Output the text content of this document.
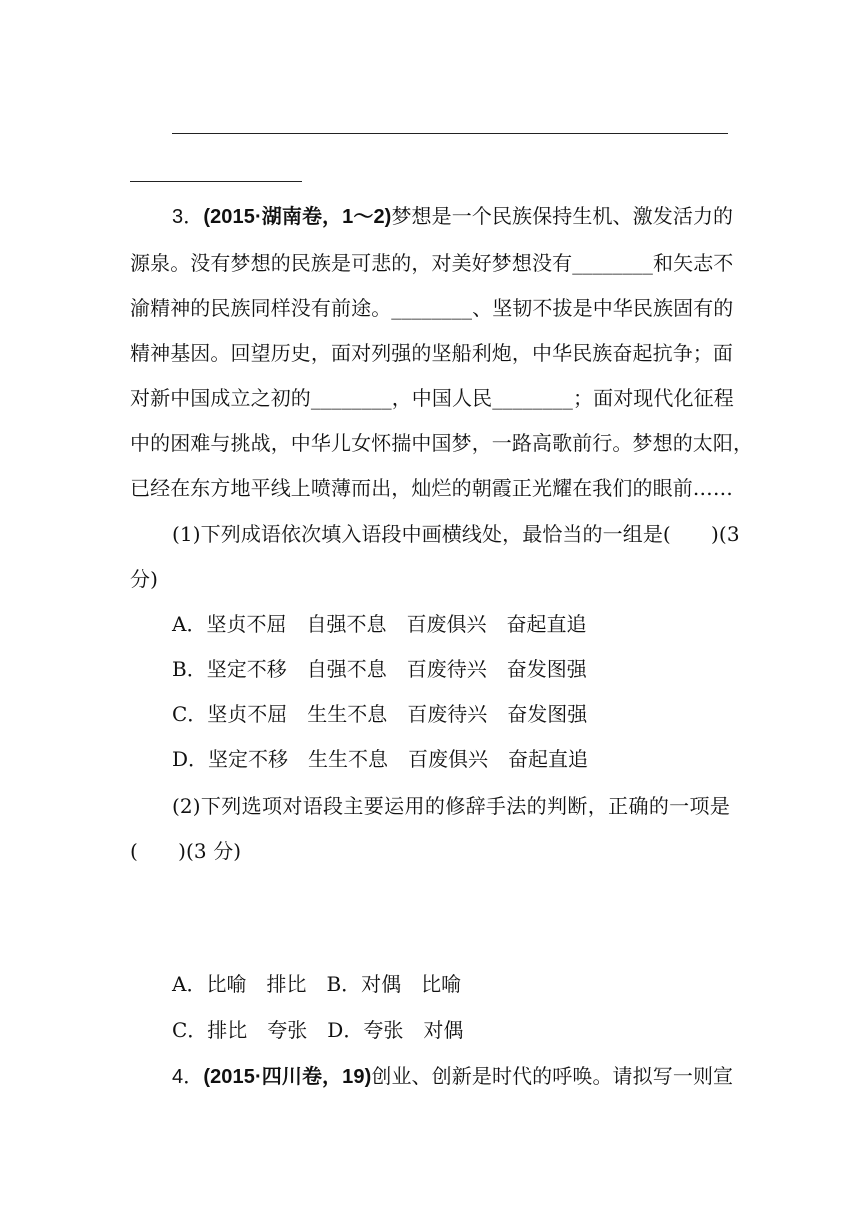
3．(2015·湖南卷，1～2)梦想是一个民族保持生机、激发活力的
源泉。没有梦想的民族是可悲的，对美好梦想没有________和矢志不
渝精神的民族同样没有前途。________、坚韧不拔是中华民族固有的
精神基因。回望历史，面对列强的坚船利炮，中华民族奋起抗争；面
对新中国成立之初的________，中国人民________；面对现代化征程
中的困难与挑战，中华儿女怀揣中国梦，一路高歌前行。梦想的太阳，
已经在东方地平线上喷薄而出，灿烂的朝霞正光耀在我们的眼前……
(1)下列成语依次填入语段中画横线处，最恰当的一组是(　　)(3
分)
A．坚贞不屈　自强不息　百废俱兴　奋起直追
B．坚定不移　自强不息　百废待兴　奋发图强
C．坚贞不屈　生生不息　百废待兴　奋发图强
D．坚定不移　生生不息　百废俱兴　奋起直追
(2)下列选项对语段主要运用的修辞手法的判断，正确的一项是
(　　)(3 分)
A．比喻　排比　B．对偶　比喻
C．排比　夸张　D．夸张　对偶
4．(2015·四川卷，19)创业、创新是时代的呼唤。请拟写一则宣
